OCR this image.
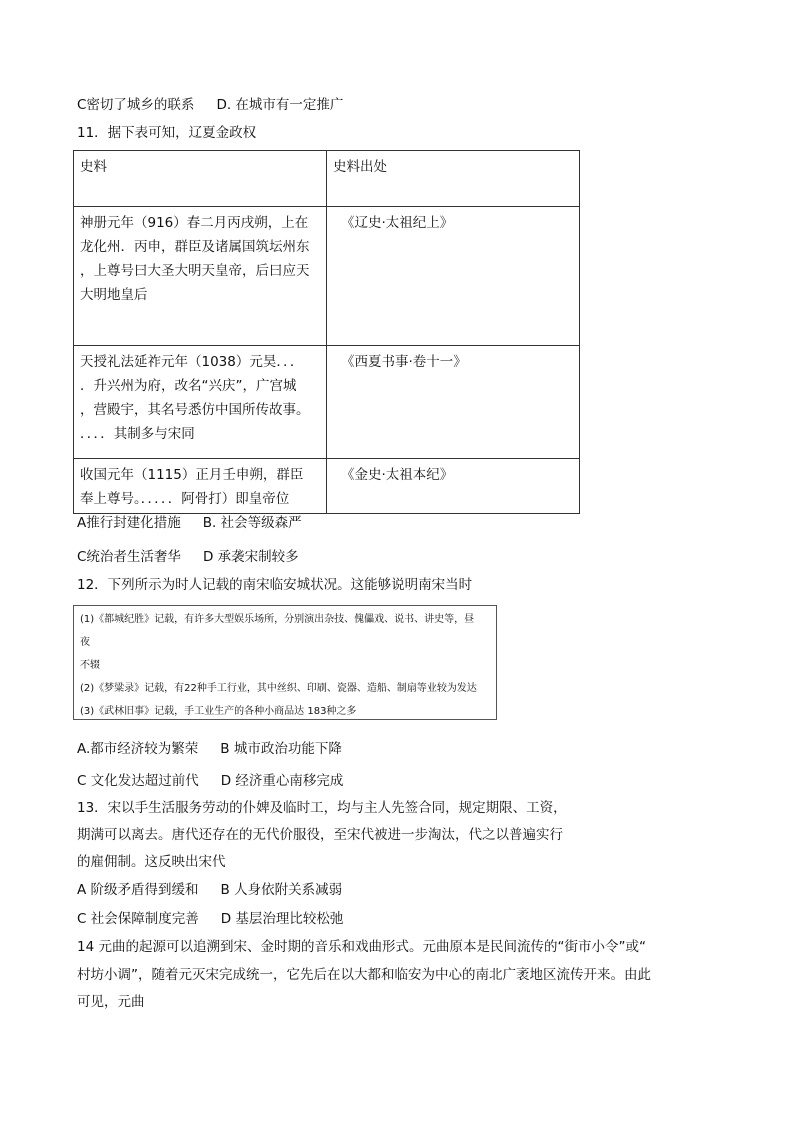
C密切了城乡的联系 D. 在城市有一定推广
11．据下表可知，辽夏金政权
史料	史料出处

神册元年（916）春二月丙戌朔，上在
龙化州．丙申，群臣及诸属国筑坛州东
，上尊号曰大圣大明天皇帝，后曰应天
大明地皇后	《辽史·太祖纪上》

天授礼法延祚元年（1038）元昊．．．
．升兴州为府，改名“兴庆”，广宫城
，营殿宇，其名号悉仿中国所传故事。
．．．．其制多与宋同	《西夏书事·卷十一》

收国元年（1115）正月壬申朔，群臣
奉上尊号。．．．．．阿骨打）即皇帝位	《金史·太祖本纪》
A推行封建化措施 B. 社会等级森严
C统治者生活奢华 D 承袭宋制较多
12．下列所示为时人记载的南宋临安城状况。这能够说明南宋当时
(1)《都城纪胜》记载，有许多大型娱乐场所，分别演出杂技、傀儡戏、说书、讲史等，昼
夜
不辍
(2)《梦粱录》记载，有22种手工行业，其中丝织、印刷、瓷器、造船、制扇等业较为发达
(3)《武林旧事》记载，手工业生产的各种小商品达 183种之多
A.都市经济较为繁荣 B 城市政治功能下降
C 文化发达超过前代 D 经济重心南移完成
13．宋以手生活服务劳动的仆婢及临时工，均与主人先签合同，规定期限、工资，
期满可以离去。唐代还存在的无代价服役，至宋代被进一步淘汰，代之以普遍实行
的雇佣制。这反映出宋代
A 阶级矛盾得到缓和 B 人身依附关系减弱
C 社会保障制度完善 D 基层治理比较松弛
14 元曲的起源可以追溯到宋、金时期的音乐和戏曲形式。元曲原本是民间流传的“街市小令”或“
村坊小调”，随着元灭宋完成统一，它先后在以大都和临安为中心的南北广袤地区流传开来。由此
可见，元曲
